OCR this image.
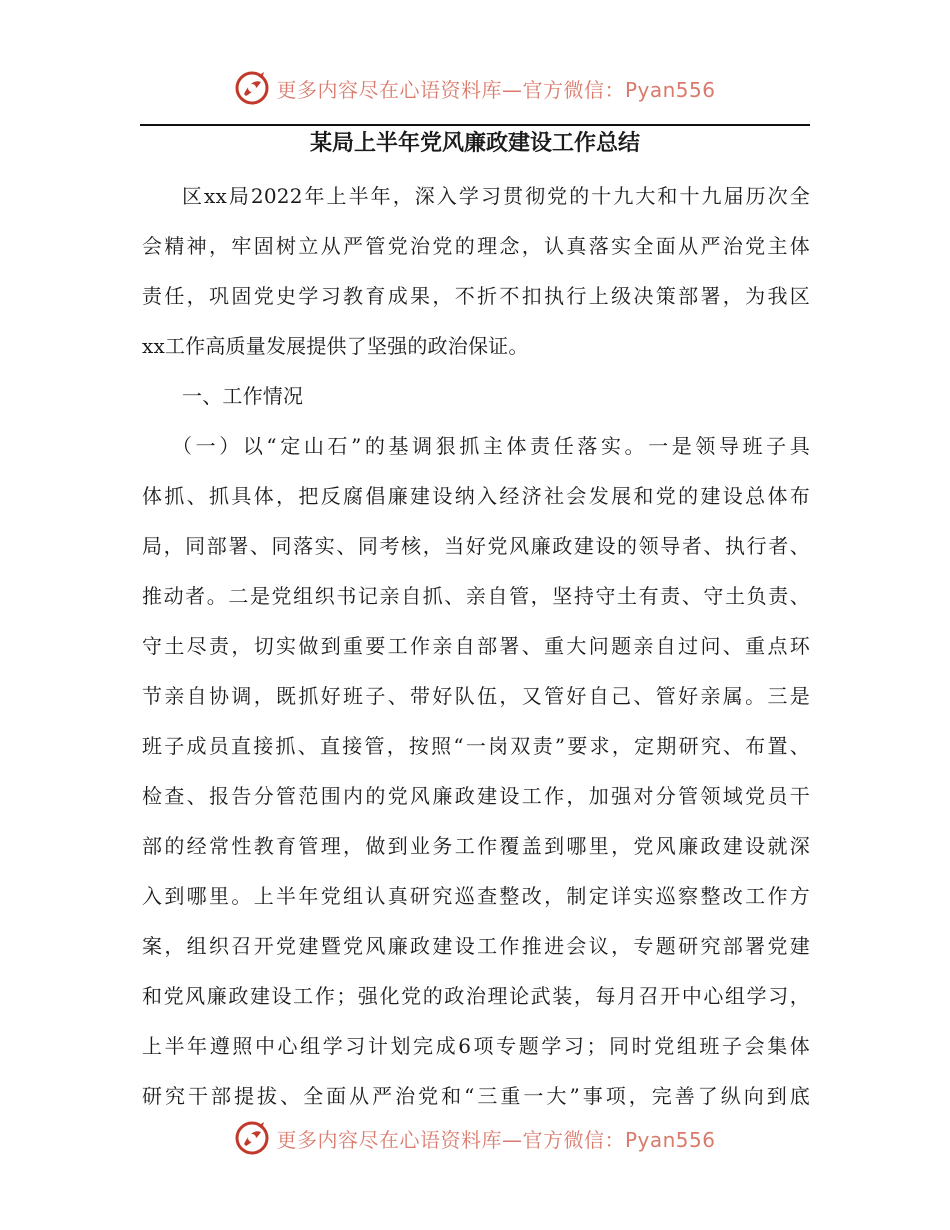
更多内容尽在心语资料库—官方微信：Pyan556
某局上半年党风廉政建设工作总结
区xx局2022年上半年，深入学习贯彻党的十九大和十九届历次全
会精神，牢固树立从严管党治党的理念，认真落实全面从严治党主体
责任，巩固党史学习教育成果，不折不扣执行上级决策部署，为我区
xx工作高质量发展提供了坚强的政治保证。
一、工作情况
（一）以“定山石”的基调狠抓主体责任落实。一是领导班子具
体抓、抓具体，把反腐倡廉建设纳入经济社会发展和党的建设总体布
局，同部署、同落实、同考核，当好党风廉政建设的领导者、执行者、
推动者。二是党组织书记亲自抓、亲自管，坚持守土有责、守土负责、
守土尽责，切实做到重要工作亲自部署、重大问题亲自过问、重点环
节亲自协调，既抓好班子、带好队伍，又管好自己、管好亲属。三是
班子成员直接抓、直接管，按照“一岗双责”要求，定期研究、布置、
检查、报告分管范围内的党风廉政建设工作，加强对分管领域党员干
部的经常性教育管理，做到业务工作覆盖到哪里，党风廉政建设就深
入到哪里。上半年党组认真研究巡查整改，制定详实巡察整改工作方
案，组织召开党建暨党风廉政建设工作推进会议，专题研究部署党建
和党风廉政建设工作；强化党的政治理论武装，每月召开中心组学习，
上半年遵照中心组学习计划完成6项专题学习；同时党组班子会集体
研究干部提拔、全面从严治党和“三重一大”事项，完善了纵向到底
更多内容尽在心语资料库—官方微信：Pyan556
